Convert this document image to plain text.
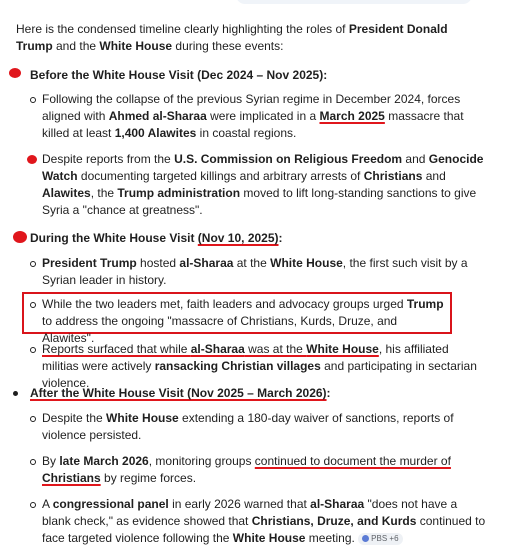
Here is the condensed timeline clearly highlighting the roles of President Donald Trump and the White House during these events:
Before the White House Visit (Dec 2024 – Nov 2025):
Following the collapse of the previous Syrian regime in December 2024, forces aligned with Ahmed al-Sharaa were implicated in a March 2025 massacre that killed at least 1,400 Alawites in coastal regions.
Despite reports from the U.S. Commission on Religious Freedom and Genocide Watch documenting targeted killings and arbitrary arrests of Christians and Alawites, the Trump administration moved to lift long-standing sanctions to give Syria a "chance at greatness".
During the White House Visit (Nov 10, 2025):
President Trump hosted al-Sharaa at the White House, the first such visit by a Syrian leader in history.
While the two leaders met, faith leaders and advocacy groups urged Trump to address the ongoing "massacre of Christians, Kurds, Druze, and Alawites".
Reports surfaced that while al-Sharaa was at the White House, his affiliated militias were actively ransacking Christian villages and participating in sectarian violence.
After the White House Visit (Nov 2025 – March 2026):
Despite the White House extending a 180-day waiver of sanctions, reports of violence persisted.
By late March 2026, monitoring groups continued to document the murder of Christians by regime forces.
A congressional panel in early 2026 warned that al-Sharaa "does not have a blank check," as evidence showed that Christians, Druze, and Kurds continued to face targeted violence following the White House meeting. PBS +6
